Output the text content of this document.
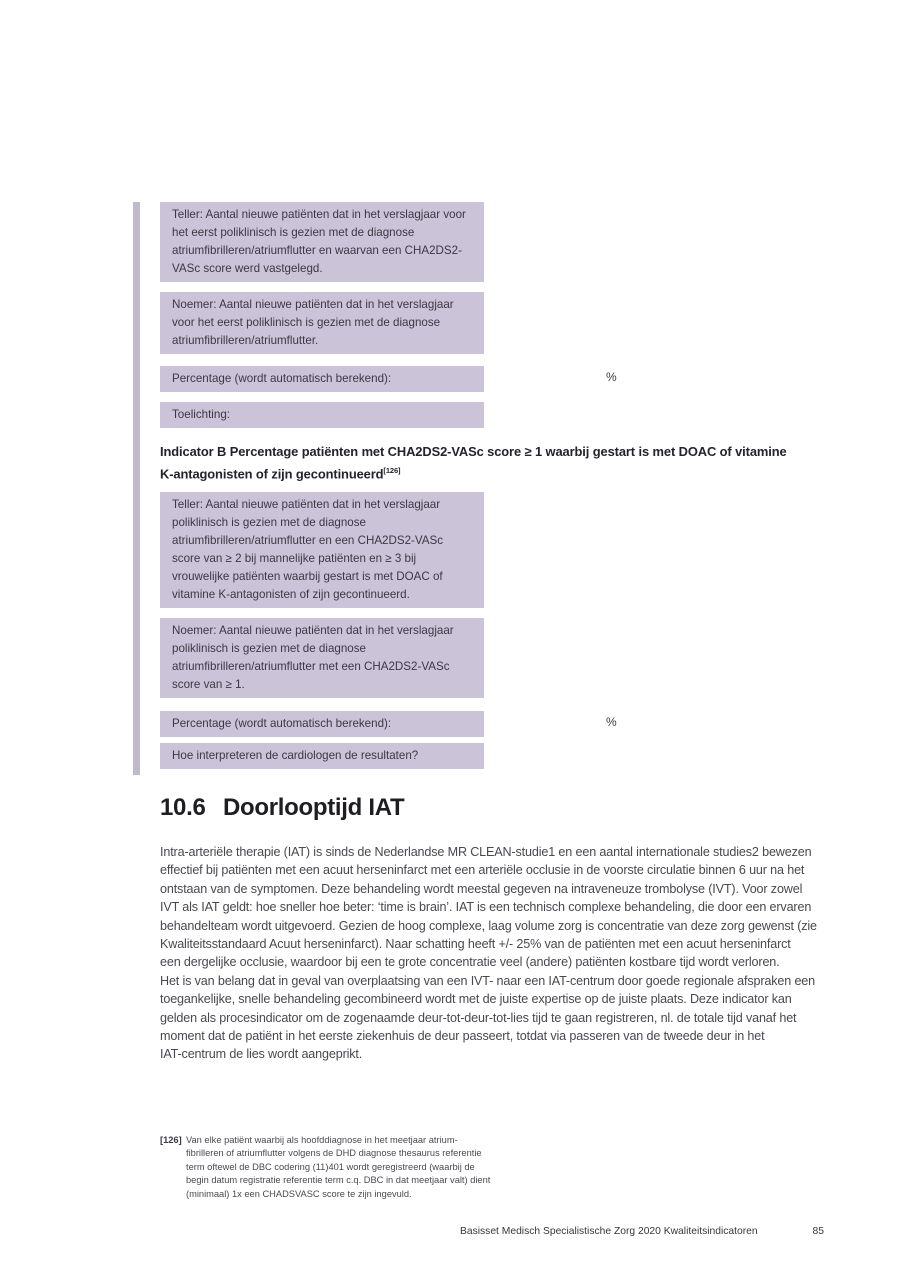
Teller: Aantal nieuwe patiënten dat in het verslagjaar voor het eerst poliklinisch is gezien met de diagnose atriumfibrilleren/atriumflutter en waarvan een CHA2DS2-VASc score werd vastgelegd.
Noemer: Aantal nieuwe patiënten dat in het verslagjaar voor het eerst poliklinisch is gezien met de diagnose atriumfibrilleren/atriumflutter.
Percentage (wordt automatisch berekend):	%
Toelichting:
Indicator B Percentage patiënten met CHA2DS2-VASc score ≥ 1 waarbij gestart is met DOAC of vitamine
K-antagonisten of zijn gecontinueerd[126]
Teller: Aantal nieuwe patiënten dat in het verslagjaar poliklinisch is gezien met de diagnose atriumfibrilleren/atriumflutter en een CHA2DS2-VASc score van ≥ 2 bij mannelijke patiënten en ≥ 3 bij vrouwelijke patiënten waarbij gestart is met DOAC of vitamine K-antagonisten of zijn gecontinueerd.
Noemer: Aantal nieuwe patiënten dat in het verslagjaar poliklinisch is gezien met de diagnose atriumfibrilleren/atriumflutter met een CHA2DS2-VASc score van ≥ 1.
Percentage (wordt automatisch berekend):	%
Hoe interpreteren de cardiologen de resultaten?
10.6 Doorlooptijd IAT
Intra-arteriële therapie (IAT) is sinds de Nederlandse MR CLEAN-studie1 en een aantal internationale studies2 bewezen
effectief bij patiënten met een acuut herseninfarct met een arteriële occlusie in de voorste circulatie binnen 6 uur na het
ontstaan van de symptomen. Deze behandeling wordt meestal gegeven na intraveneuze trombolyse (IVT). Voor zowel
IVT als IAT geldt: hoe sneller hoe beter: ‘time is brain’. IAT is een technisch complexe behandeling, die door een ervaren
behandelteam wordt uitgevoerd. Gezien de hoog complexe, laag volume zorg is concentratie van deze zorg gewenst (zie
Kwaliteitsstandaard Acuut herseninfarct). Naar schatting heeft +/- 25% van de patiënten met een acuut herseninfarct
een dergelijke occlusie, waardoor bij een te grote concentratie veel (andere) patiënten kostbare tijd wordt verloren.
Het is van belang dat in geval van overplaatsing van een IVT- naar een IAT-centrum door goede regionale afspraken een
toegankelijke, snelle behandeling gecombineerd wordt met de juiste expertise op de juiste plaats. Deze indicator kan
gelden als procesindicator om de zogenaamde deur-tot-deur-tot-lies tijd te gaan registreren, nl. de totale tijd vanaf het
moment dat de patiënt in het eerste ziekenhuis de deur passeert, totdat via passeren van de tweede deur in het
IAT-centrum de lies wordt aangeprikt.
[126] Van elke patiënt waarbij als hoofddiagnose in het meetjaar atrium-
fibrilleren of atriumflutter volgens de DHD diagnose thesaurus referentie
term oftewel de DBC codering (11)401 wordt geregistreerd (waarbij de
begin datum registratie referentie term c.q. DBC in dat meetjaar valt) dient
(minimaal) 1x een CHADSVASC score te zijn ingevuld.
Basisset Medisch Specialistische Zorg 2020 Kwaliteitsindicatoren	85
